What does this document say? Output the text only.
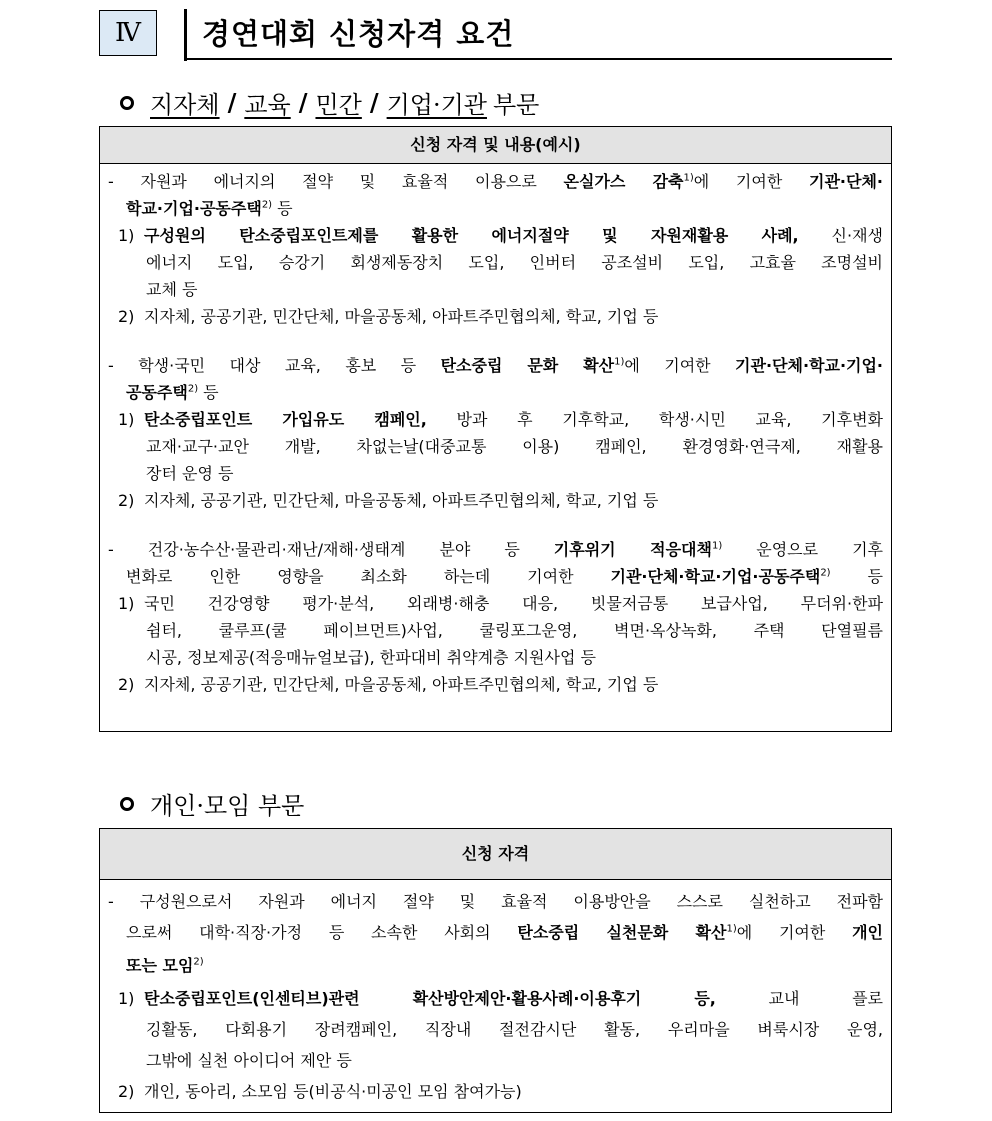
Ⅳ 경연대회 신청자격 요건
지자체 / 교육 / 민간 / 기업·기관 부문
신청 자격 및 내용(예시)
- 자원과 에너지의 절약 및 효율적 이용으로 온실가스 감축$^{1)}$에 기여한 기관·단체·
학교·기업·공동주택$^{2)}$ 등
1) 구성원의 탄소중립포인트제를 활용한 에너지절약 및 자원재활용 사례, 신·재생
에너지 도입, 승강기 회생제동장치 도입, 인버터 공조설비 도입, 고효율 조명설비
교체 등
2) 지자체, 공공기관, 민간단체, 마을공동체, 아파트주민협의체, 학교, 기업 등
- 학생·국민 대상 교육, 홍보 등 탄소중립 문화 확산$^{1)}$에 기여한 기관·단체·학교·기업·
공동주택$^{2)}$ 등
1) 탄소중립포인트 가입유도 캠페인, 방과 후 기후학교, 학생·시민 교육, 기후변화
교재·교구·교안 개발, 차없는날(대중교통 이용) 캠페인, 환경영화·연극제, 재활용
장터 운영 등
2) 지자체, 공공기관, 민간단체, 마을공동체, 아파트주민협의체, 학교, 기업 등
- 건강·농수산·물관리·재난/재해·생태계 분야 등 기후위기 적응대책$^{1)}$ 운영으로 기후
변화로 인한 영향을 최소화 하는데 기여한 기관·단체·학교·기업·공동주택$^{2)}$ 등
1) 국민 건강영향 평가·분석, 외래병·해충 대응, 빗물저금통 보급사업, 무더위·한파
쉼터, 쿨루프(쿨 페이브먼트)사업, 쿨링포그운영, 벽면·옥상녹화, 주택 단열필름
시공, 정보제공(적응매뉴얼보급), 한파대비 취약계층 지원사업 등
2) 지자체, 공공기관, 민간단체, 마을공동체, 아파트주민협의체, 학교, 기업 등
개인·모임 부문
신청 자격
- 구성원으로서 자원과 에너지 절약 및 효율적 이용방안을 스스로 실천하고 전파함
으로써 대학·직장·가정 등 소속한 사회의 탄소중립 실천문화 확산$^{1)}$에 기여한 개인
또는 모임$^{2)}$
1) 탄소중립포인트(인센티브)관련 확산방안제안·활용사례·이용후기 등, 교내 플로
깅활동, 다회용기 장려캠페인, 직장내 절전감시단 활동, 우리마을 벼룩시장 운영,
그밖에 실천 아이디어 제안 등
2) 개인, 동아리, 소모임 등(비공식·미공인 모임 참여가능)
